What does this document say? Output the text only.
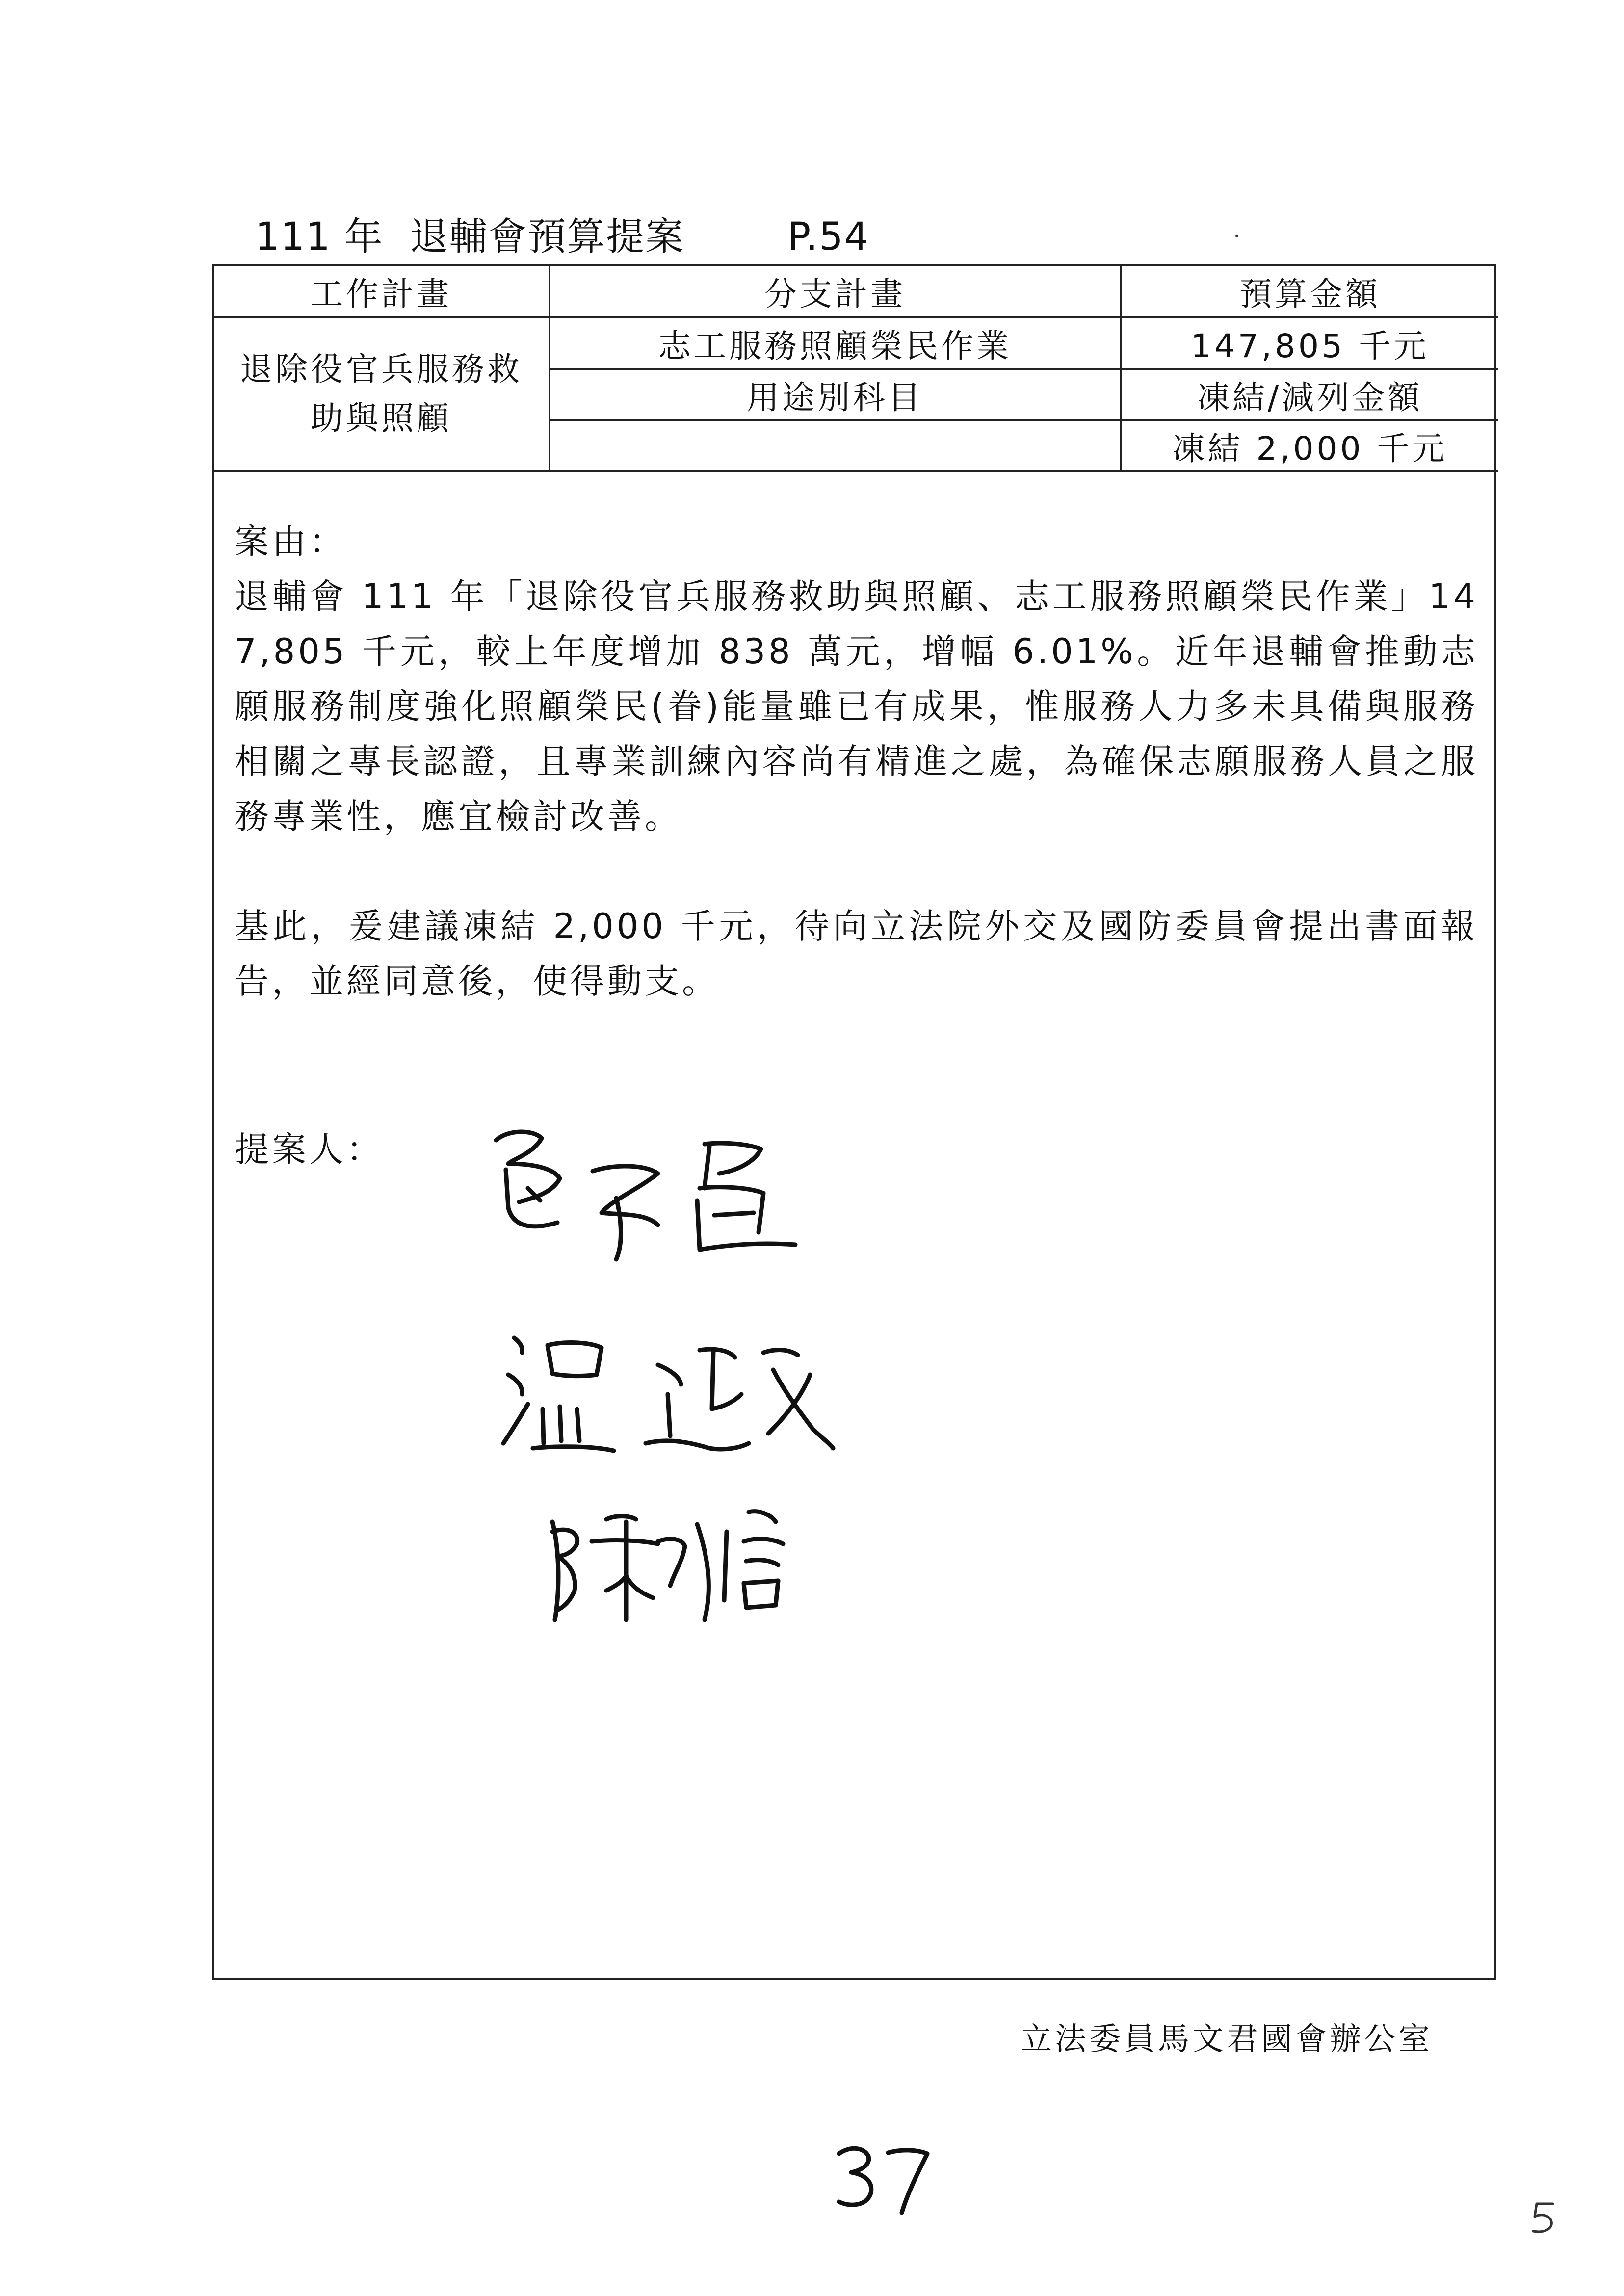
111 年  退輔會預算提案	P.54
工作計畫	分支計畫	預算金額
退除役官兵服務救助與照顧	志工服務照顧榮民作業	147,805 千元
	用途別科目	凍結/減列金額
		凍結 2,000 千元

案由：

退輔會 111 年「退除役官兵服務救助與照顧、志工服務照顧榮民作業」147,805 千元，較上年度增加 838 萬元，增幅 6.01%。近年退輔會推動志願服務制度強化照顧榮民(眷)能量雖已有成果，惟服務人力多未具備與服務相關之專長認證，且專業訓練內容尚有精進之處，為確保志願服務人員之服務專業性，應宜檢討改善。

基此，爰建議凍結 2,000 千元，待向立法院外交及國防委員會提出書面報告，並經同意後，使得動支。

提案人：
立法委員馬文君國會辦公室
